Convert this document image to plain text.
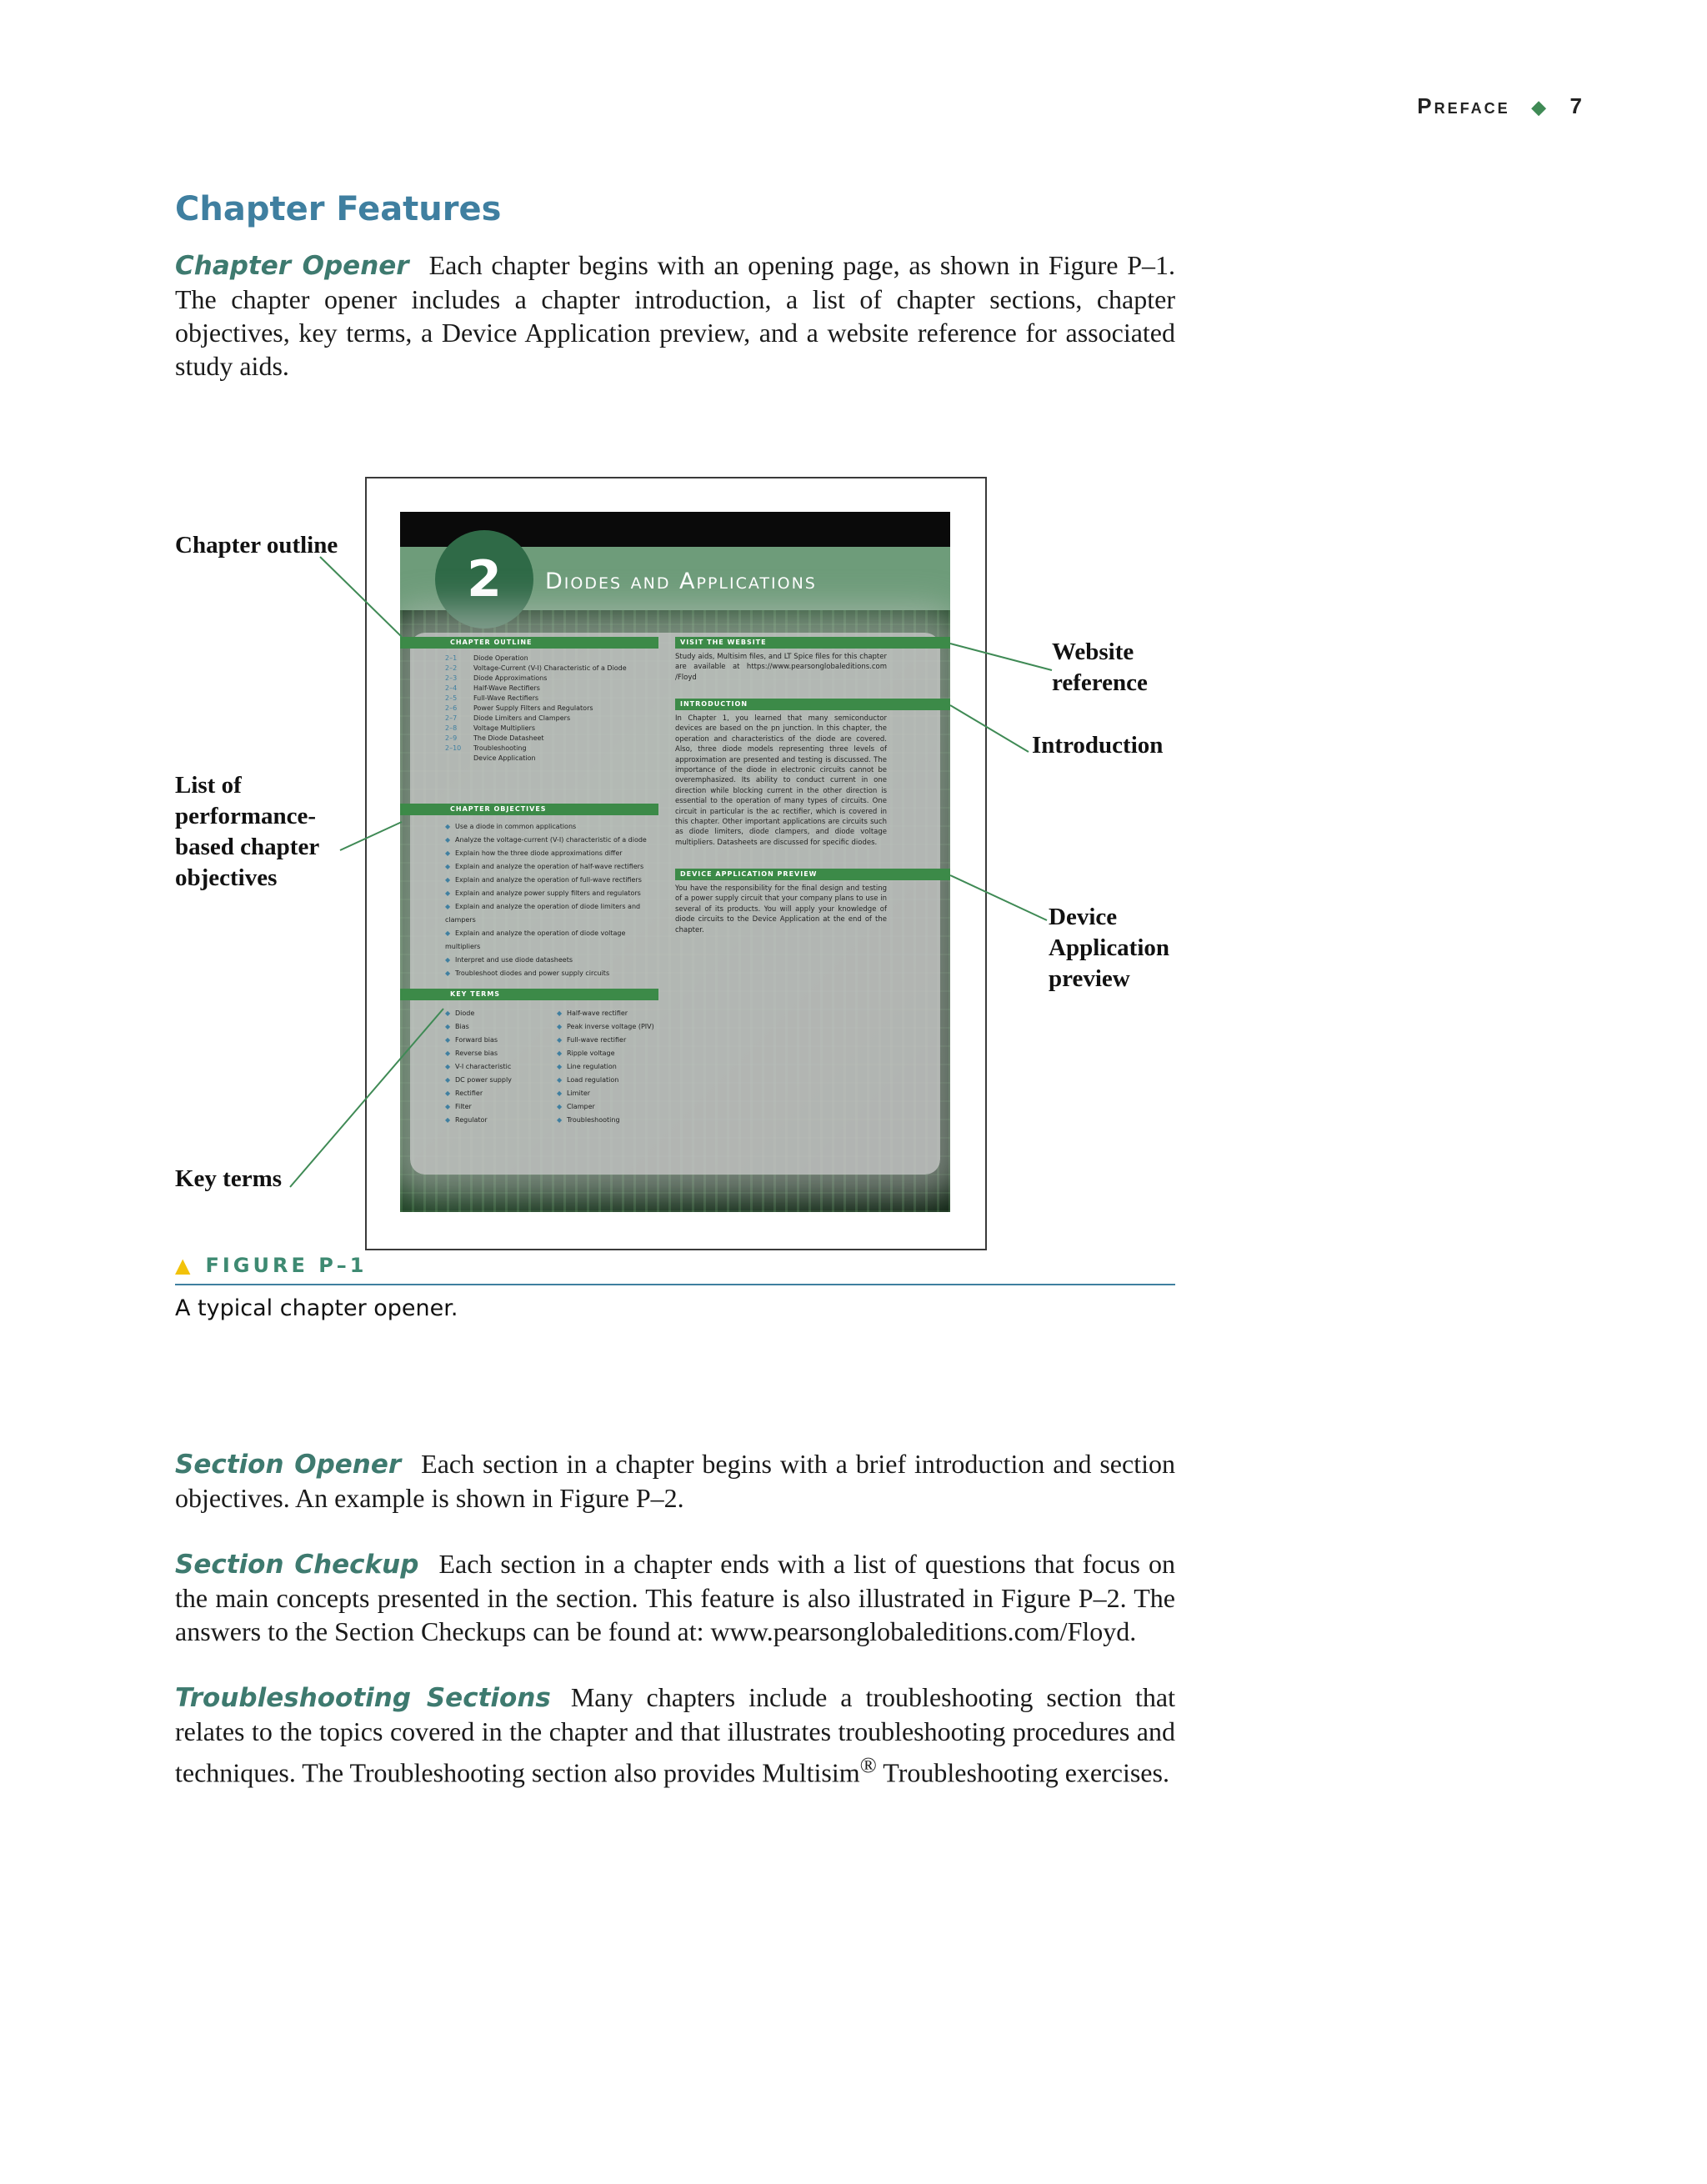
Preface ◆ 7
Chapter Features
Chapter Opener Each chapter begins with an opening page, as shown in Figure P–1. The chapter opener includes a chapter introduction, a list of chapter sections, chapter objectives, key terms, a Device Application preview, and a website reference for associated study aids.
2	Diodes and Applications
CHAPTER OUTLINE
2–1 Diode Operation
2–2 Voltage-Current (V-I) Characteristic of a Diode
2–3 Diode Approximations
2–4 Half-Wave Rectifiers
2–5 Full-Wave Rectifiers
2–6 Power Supply Filters and Regulators
2–7 Diode Limiters and Clampers
2–8 Voltage Multipliers
2–9 The Diode Datasheet
2–10 Troubleshooting
Device Application
CHAPTER OBJECTIVES
◆ Use a diode in common applications
◆ Analyze the voltage-current (V-I) characteristic of a diode
◆ Explain how the three diode approximations differ
◆ Explain and analyze the operation of half-wave rectifiers
◆ Explain and analyze the operation of full-wave rectifiers
◆ Explain and analyze power supply filters and regulators
◆ Explain and analyze the operation of diode limiters and clampers
◆ Explain and analyze the operation of diode voltage multipliers
◆ Interpret and use diode datasheets
◆ Troubleshoot diodes and power supply circuits
KEY TERMS
◆ Diode
◆ Bias
◆ Forward bias
◆ Reverse bias
◆ V-I characteristic
◆ DC power supply
◆ Rectifier
◆ Filter
◆ Regulator
◆ Half-wave rectifier
◆ Peak inverse voltage (PIV)
◆ Full-wave rectifier
◆ Ripple voltage
◆ Line regulation
◆ Load regulation
◆ Limiter
◆ Clamper
◆ Troubleshooting
VISIT THE WEBSITE
Study aids, Multisim files, and LT Spice files for this chapter are available at https://www.pearsonglobaleditions.com /Floyd
INTRODUCTION
In Chapter 1, you learned that many semiconductor devices are based on the pn junction. In this chapter, the operation and characteristics of the diode are covered. Also, three diode models representing three levels of approximation are presented and testing is discussed. The importance of the diode in electronic circuits cannot be overemphasized. Its ability to conduct current in one direction while blocking current in the other direction is essential to the operation of many types of circuits. One circuit in particular is the ac rectifier, which is covered in this chapter. Other important applications are circuits such as diode limiters, diode clampers, and diode voltage multipliers. Datasheets are discussed for specific diodes.
DEVICE APPLICATION PREVIEW
You have the responsibility for the final design and testing of a power supply circuit that your company plans to use in several of its products. You will apply your knowledge of diode circuits to the Device Application at the end of the chapter.
Chapter outline
Website
reference
Introduction
List of
performance-
based chapter
objectives
Device
Application
preview
Key terms
▲ FIGURE P–1
A typical chapter opener.
Section Opener Each section in a chapter begins with a brief introduction and section objectives. An example is shown in Figure P–2.
Section Checkup Each section in a chapter ends with a list of questions that focus on the main concepts presented in the section. This feature is also illustrated in Figure P–2. The answers to the Section Checkups can be found at: www.pearsonglobaleditions.com/Floyd.
Troubleshooting Sections Many chapters include a troubleshooting section that relates to the topics covered in the chapter and that illustrates troubleshooting procedures and techniques. The Troubleshooting section also provides Multisim® Troubleshooting exercises.
